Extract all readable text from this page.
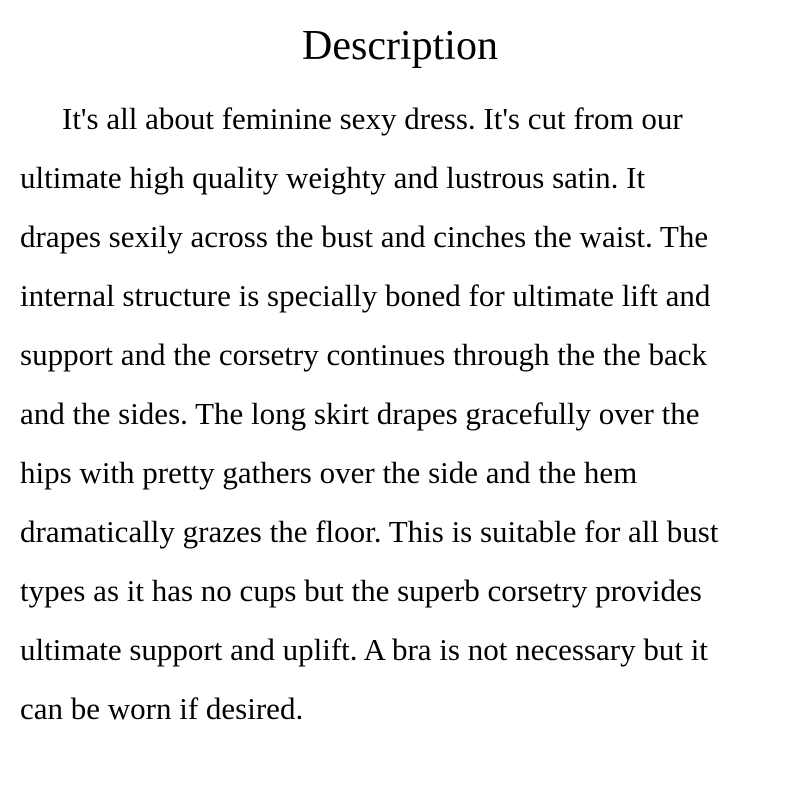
Description
It's all about feminine sexy dress. It's cut from our
ultimate high quality weighty and lustrous satin. It
drapes sexily across the bust and cinches the waist. The
internal structure is specially boned for ultimate lift and
support and the corsetry continues through the the back
and the sides. The long skirt drapes gracefully over the
hips with pretty gathers over the side and the hem
dramatically grazes the floor. This is suitable for all bust
types as it has no cups but the superb corsetry provides
ultimate support and uplift. A bra is not necessary but it
can be worn if desired.
